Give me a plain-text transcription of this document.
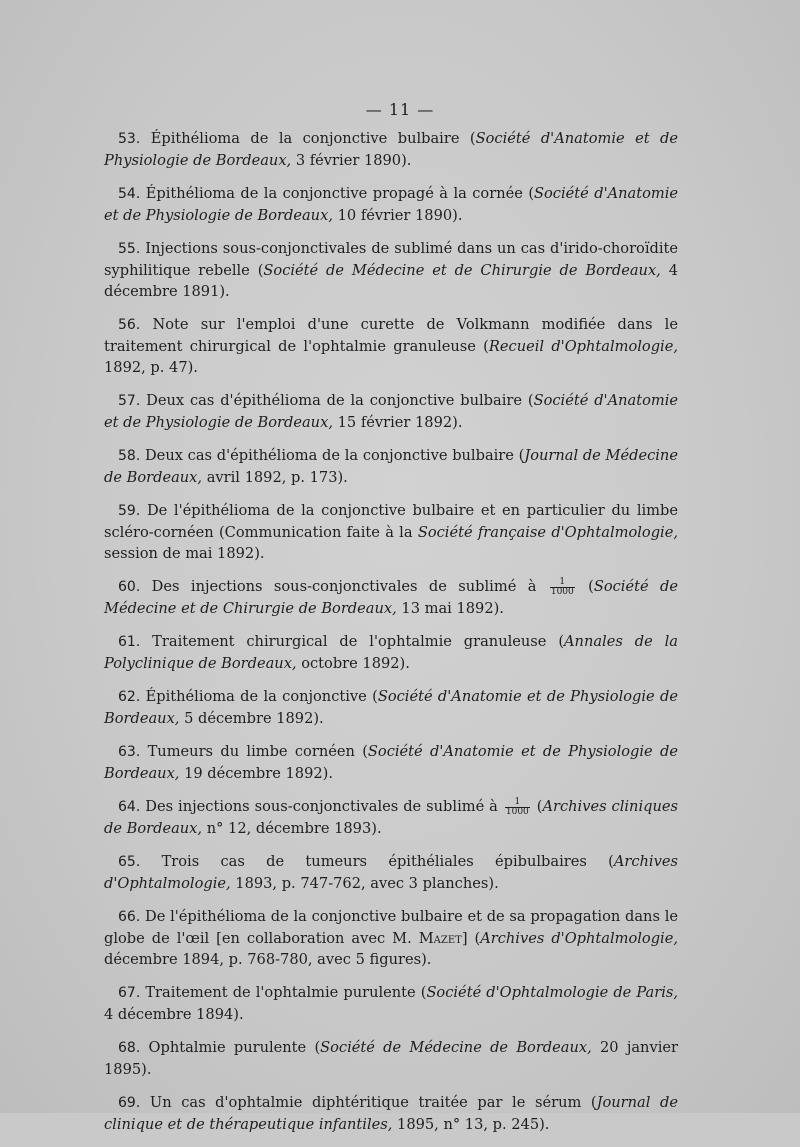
— 11 —

53. Épithélioma de la conjonctive bulbaire (Société d'Anatomie et de Physiologie de Bordeaux, 3 février 1890).

54. Épithélioma de la conjonctive propagé à la cornée (Société d'Anatomie et de Physiologie de Bordeaux, 10 février 1890).

55. Injections sous-conjonctivales de sublimé dans un cas d'irido-choroïdite syphilitique rebelle (Société de Médecine et de Chirurgie de Bordeaux, 4 décembre 1891).

56. Note sur l'emploi d'une curette de Volkmann modifiée dans le traitement chirurgical de l'ophtalmie granuleuse (Recueil d'Ophtalmologie, 1892, p. 47).

57. Deux cas d'épithélioma de la conjonctive bulbaire (Société d'Anatomie et de Physiologie de Bordeaux, 15 février 1892).

58. Deux cas d'épithélioma de la conjonctive bulbaire (Journal de Médecine de Bordeaux, avril 1892, p. 173).

59. De l'épithélioma de la conjonctive bulbaire et en particulier du limbe scléro-cornéen (Communication faite à la Société française d'Ophtalmologie, session de mai 1892).

60. Des injections sous-conjonctivales de sublimé à $\frac{1}{1000}$ (Société de Médecine et de Chirurgie de Bordeaux, 13 mai 1892).

61. Traitement chirurgical de l'ophtalmie granuleuse (Annales de la Polyclinique de Bordeaux, octobre 1892).

62. Épithélioma de la conjonctive (Société d'Anatomie et de Physiologie de Bordeaux, 5 décembre 1892).

63. Tumeurs du limbe cornéen (Société d'Anatomie et de Physiologie de Bordeaux, 19 décembre 1892).

64. Des injections sous-conjonctivales de sublimé à $\frac{1}{1000}$ (Archives cliniques de Bordeaux, n° 12, décembre 1893).

65. Trois cas de tumeurs épithéliales épibulbaires (Archives d'Ophtalmologie, 1893, p. 747-762, avec 3 planches).

66. De l'épithélioma de la conjonctive bulbaire et de sa propagation dans le globe de l'œil [en collaboration avec M. Mazet] (Archives d'Ophtalmologie, décembre 1894, p. 768-780, avec 5 figures).

67. Traitement de l'ophtalmie purulente (Société d'Ophtalmologie de Paris, 4 décembre 1894).

68. Ophtalmie purulente (Société de Médecine de Bordeaux, 20 janvier 1895).

69. Un cas d'ophtalmie diphtéritique traitée par le sérum (Journal de clinique et de thérapeutique infantiles, 1895, n° 13, p. 245).
